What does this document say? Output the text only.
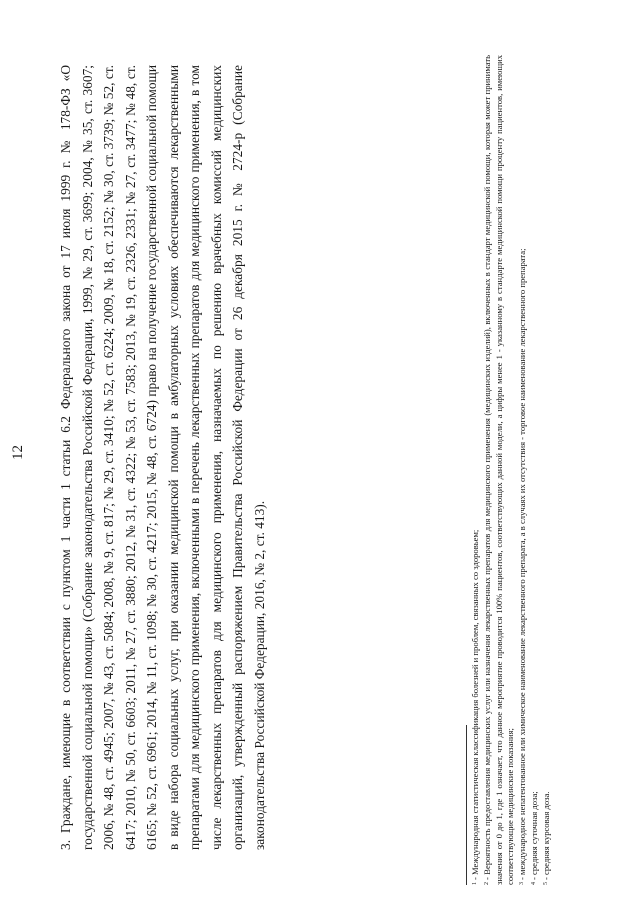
12 3. Граждане, имеющие в соответствии с пунктом 1 части 1 статьи 6.2 Федерального закона от 17 июля 1999 г. № 178-ФЗ «О государственной социальной помощи» (Собрание законодательства Российской Федерации, 1999, № 29, ст. 3699; 2004, № 35, ст. 3607; 2006, № 48, ст. 4945; 2007, № 43, ст. 5084; 2008, № 9, ст. 817; № 29, ст. 3410; № 52, ст. 6224; 2009, № 18, ст. 2152; № 30, ст. 3739; № 52, ст. 6417; 2010, № 50, ст. 6603; 2011, № 27, ст. 3880; 2012, № 31, ст. 4322; № 53, ст. 7583; 2013, № 19, ст. 2326, 2331; № 27, ст. 3477; № 48, ст. 6165; № 52, ст. 6961; 2014, № 11, ст. 1098; № 30, ст. 4217; 2015, № 48, ст. 6724) право на получение государственной социальной помощи в виде набора социальных услуг, при оказании медицинской помощи в амбулаторных условиях обеспечиваются лекарственными препаратами для медицинского применения, включенными в перечень лекарственных препаратов для медицинского применения, в том числе лекарственных препаратов для медицинского применения, назначаемых по решению врачебных комиссий медицинских организаций, утвержденный распоряжением Правительства Российской Федерации от 26 декабря 2015 г. № 2724-р (Собрание законодательства Российской Федерации, 2016, № 2, ст. 413).

$^1$- Международная статистическая классификация болезней и проблем, связанных со здоровьем;

$^2$- Вероятность предоставления медицинских услуг или назначения лекарственных препаратов для медицинского применения (медицинских изделий), включенных в стандарт медицинской помощи, которая может принимать значения от 0 до 1, где 1 означает, что данное мероприятие проводится 100% пациентов, соответствующих данной модели, а цифры менее 1 - указанному в стандарте медицинской помощи проценту пациентов, имеющих соответствующие медицинские показания; $^3$- международное непатентованное или химическое наименование лекарственного препарата, а в случаях их отсутствия - торговое наименование лекарственного препарата;

$^4$- средняя суточная доза;

$^5$- средняя курсовая доза.
